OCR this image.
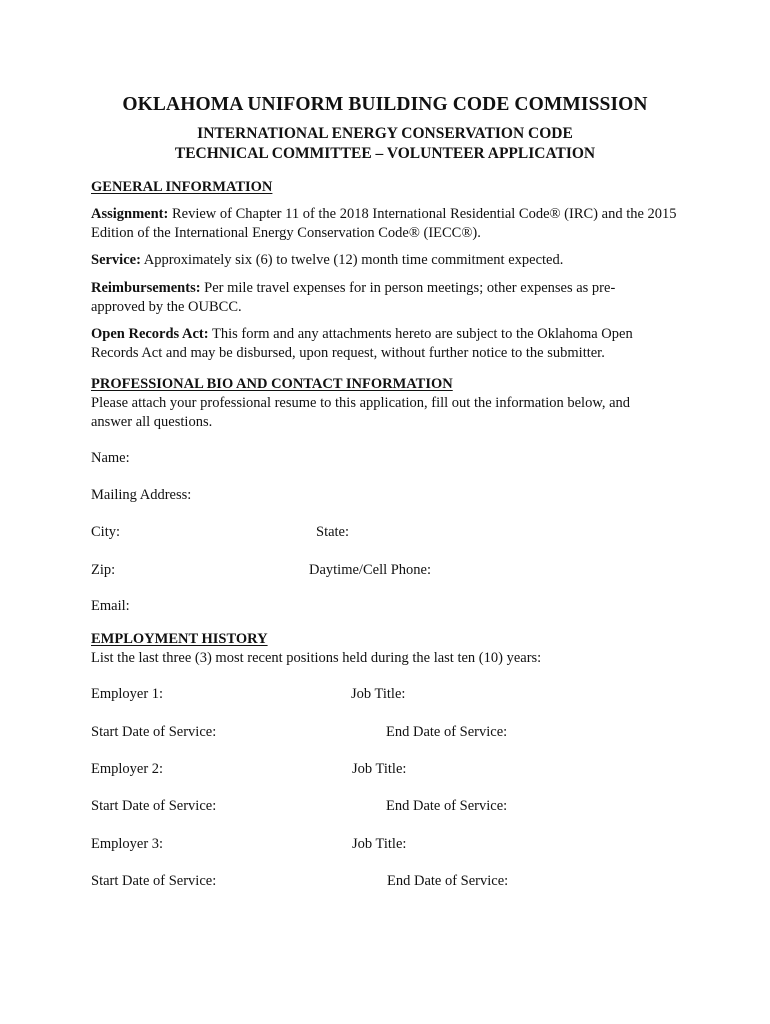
OKLAHOMA UNIFORM BUILDING CODE COMMISSION
INTERNATIONAL ENERGY CONSERVATION CODE
TECHNICAL COMMITTEE – VOLUNTEER APPLICATION
GENERAL INFORMATION
Assignment: Review of Chapter 11 of the 2018 International Residential Code® (IRC) and the 2015 Edition of the International Energy Conservation Code® (IECC®).
Service: Approximately six (6) to twelve (12) month time commitment expected.
Reimbursements: Per mile travel expenses for in person meetings; other expenses as pre-approved by the OUBCC.
Open Records Act: This form and any attachments hereto are subject to the Oklahoma Open Records Act and may be disbursed, upon request, without further notice to the submitter.
PROFESSIONAL BIO AND CONTACT INFORMATION
Please attach your professional resume to this application, fill out the information below, and answer all questions.
Name:
Mailing Address:
City:	State:
Zip:	Daytime/Cell Phone:
Email:
EMPLOYMENT HISTORY
List the last three (3) most recent positions held during the last ten (10) years:
Employer 1:	Job Title:
Start Date of Service:	End Date of Service:
Employer 2:	Job Title:
Start Date of Service:	End Date of Service:
Employer 3:	Job Title:
Start Date of Service:	End Date of Service:
